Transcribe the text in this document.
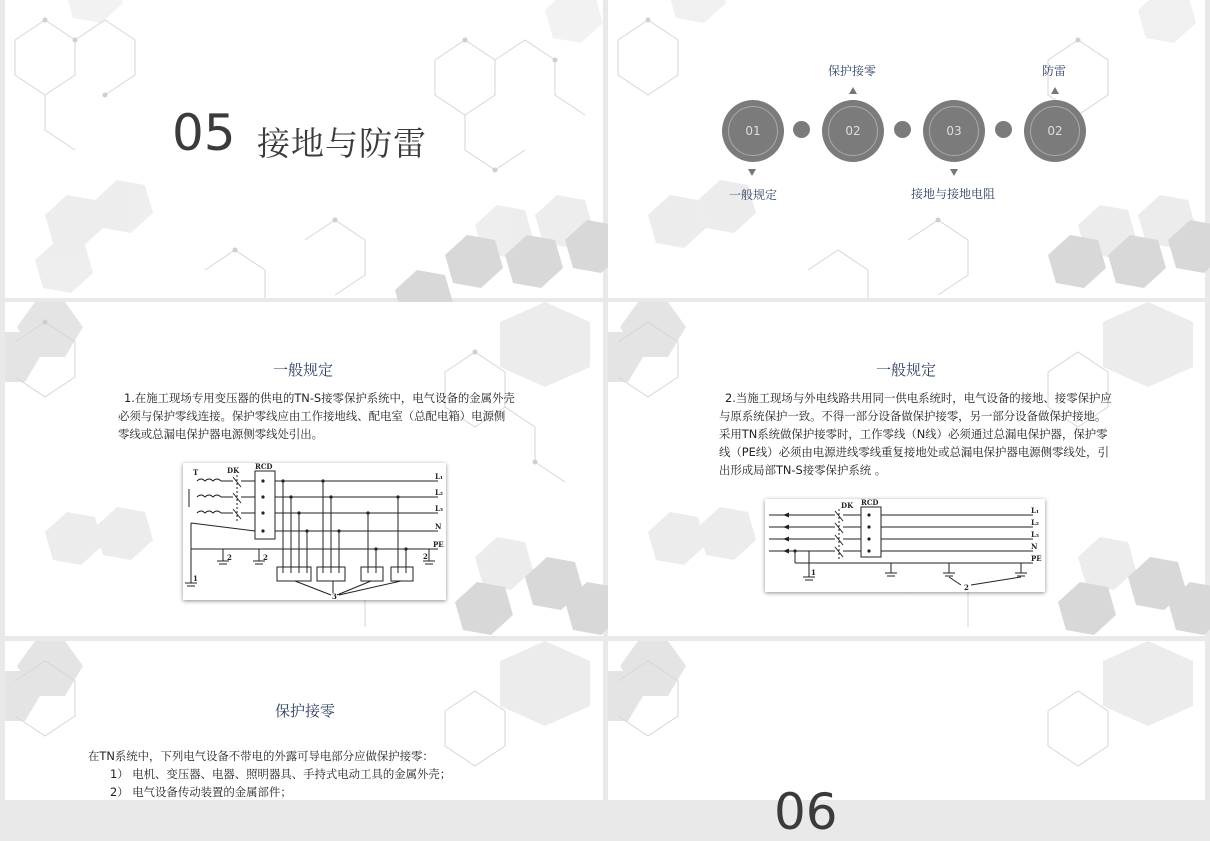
05 接地与防雷	01	02	03	02
一般规定
保护接零
接地与接地电阻
防雷
一般规定
1.在施工现场专用变压器的供电的TN-S接零保护系统中，电气设备的金属外壳
必须与保护零线连接。保护零线应由工作接地线、配电室（总配电箱）电源侧
零线或总漏电保护器电源侧零线处引出。
T	DK RCD
L₁
L₂
L₃
N
PE
1
2	2	2
3
一般规定
2.当施工现场与外电线路共用同一供电系统时，电气设备的接地、接零保护应
与原系统保护一致。不得一部分设备做保护接零，另一部分设备做保护接地。
采用TN系统做保护接零时，工作零线（N线）必须通过总漏电保护器，保护零
线（PE线）必须由电源进线零线重复接地处或总漏电保护器电源侧零线处，引
出形成局部TN-S接零保护系统 。
DK RCD
L₁
L₂
L₃
N
PE
1
2
保护接零
在TN系统中，下列电气设备不带电的外露可导电部分应做保护接零：
1） 电机、变压器、电器、照明器具、手持式电动工具的金属外壳；
2） 电气设备传动装置的金属部件；	06
